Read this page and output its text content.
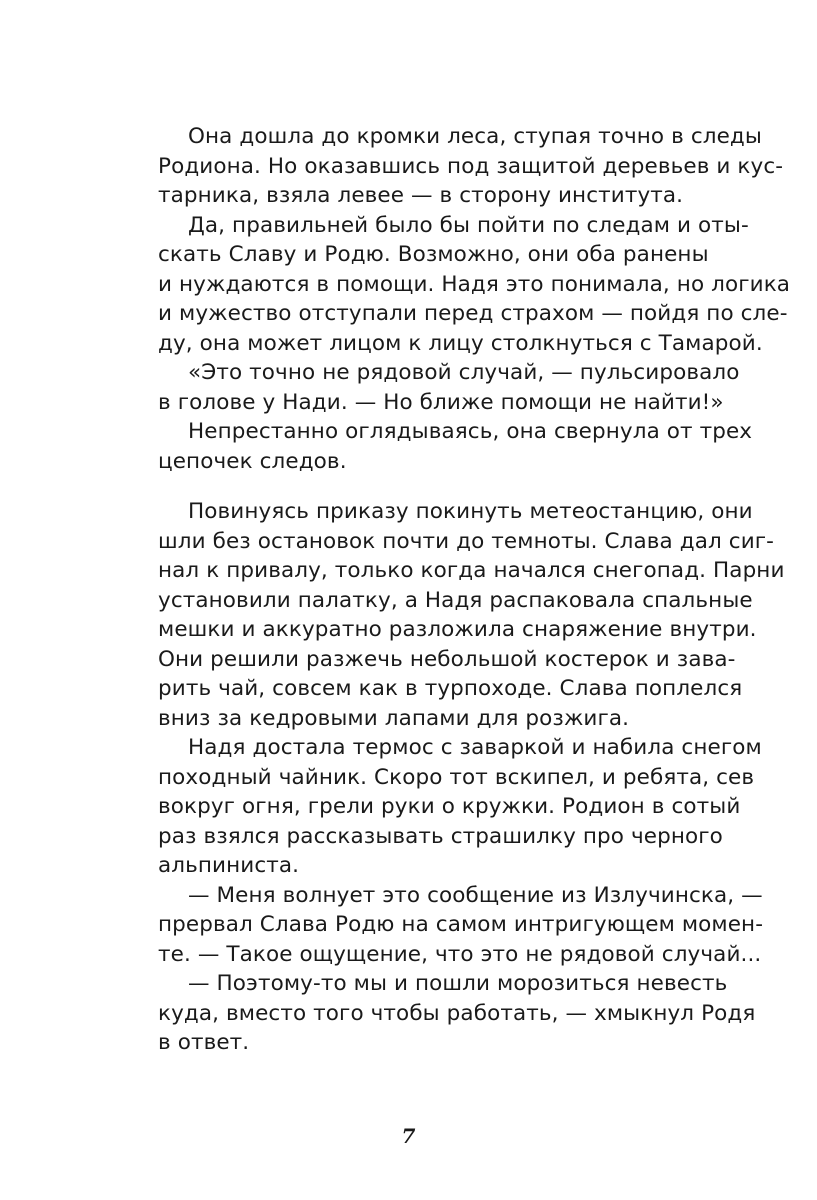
Она дошла до кромки леса, ступая точно в следы
Родиона. Но оказавшись под защитой деревьев и кус-
тарника, взяла левее — в сторону института.

Да, правильней было бы пойти по следам и оты-
скать Славу и Родю. Возможно, они оба ранены
и нуждаются в помощи. Надя это понимала, но логика
и мужество отступали перед страхом — пойдя по сле-
ду, она может лицом к лицу столкнуться с Тамарой.

«Это точно не рядовой случай, — пульсировало
в голове у Нади. — Но ближе помощи не найти!»

Непрестанно оглядываясь, она свернула от трех
цепочек следов.

Повинуясь приказу покинуть метеостанцию, они
шли без остановок почти до темноты. Слава дал сиг-
нал к привалу, только когда начался снегопад. Парни
установили палатку, а Надя распаковала спальные
мешки и аккуратно разложила снаряжение внутри.
Они решили разжечь небольшой костерок и зава-
рить чай, совсем как в турпоходе. Слава поплелся
вниз за кедровыми лапами для розжига.

Надя достала термос с заваркой и набила снегом
походный чайник. Скоро тот вскипел, и ребята, сев
вокруг огня, грели руки о кружки. Родион в сотый
раз взялся рассказывать страшилку про черного
альпиниста.

— Меня волнует это сообщение из Излучинска, —
прервал Слава Родю на самом интригующем момен-
те. — Такое ощущение, что это не рядовой случай...

— Поэтому-то мы и пошли морозиться невесть
куда, вместо того чтобы работать, — хмыкнул Родя
в ответ.

7
